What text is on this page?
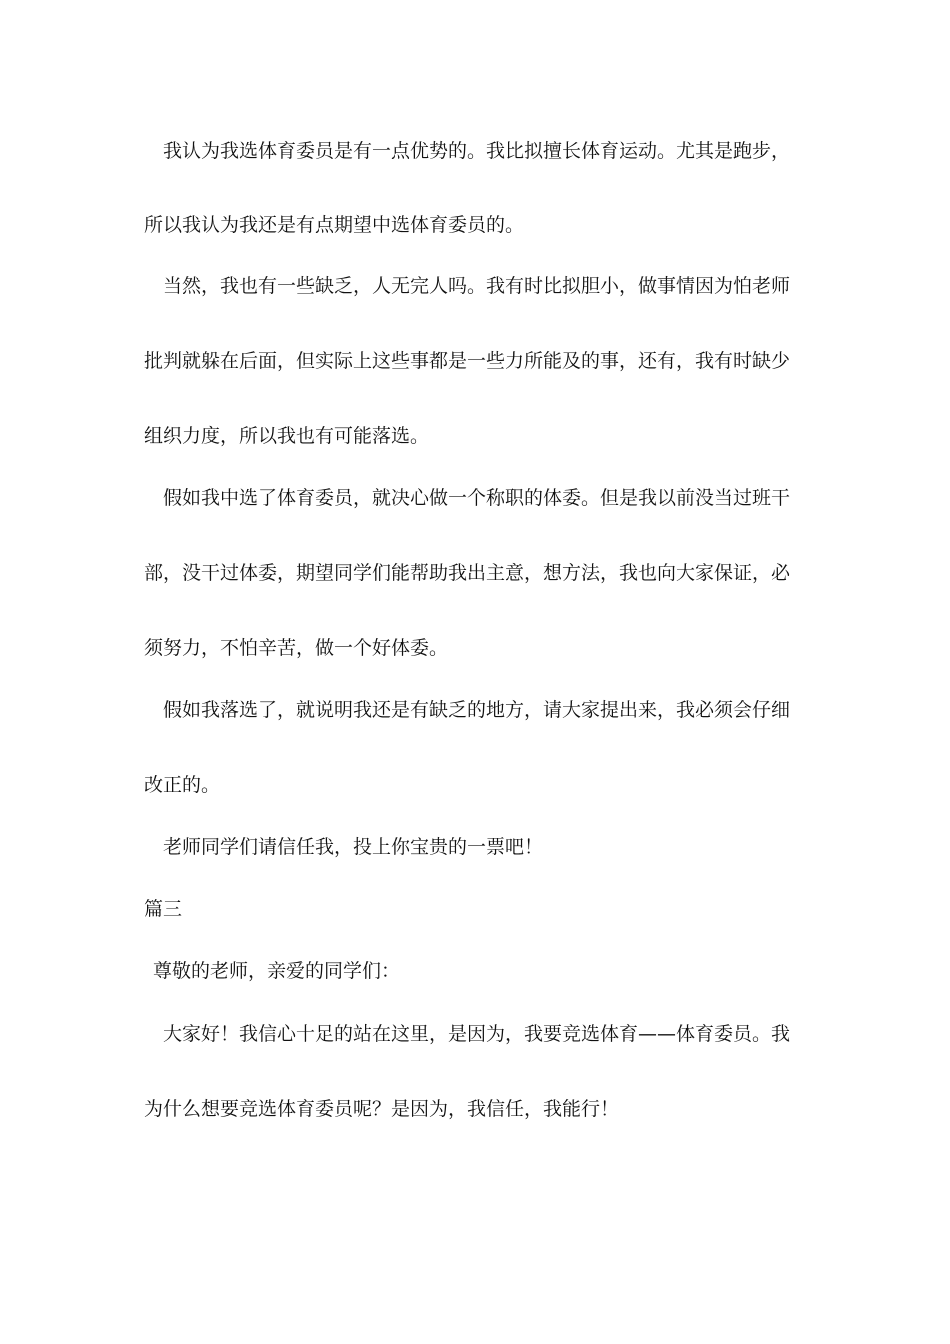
我认为我选体育委员是有一点优势的。我比拟擅长体育运动。尤其是跑步，
所以我认为我还是有点期望中选体育委员的。
当然，我也有一些缺乏，人无完人吗。我有时比拟胆小，做事情因为怕老师
批判就躲在后面，但实际上这些事都是一些力所能及的事，还有，我有时缺少
组织力度，所以我也有可能落选。
假如我中选了体育委员，就决心做一个称职的体委。但是我以前没当过班干
部，没干过体委，期望同学们能帮助我出主意，想方法，我也向大家保证，必
须努力，不怕辛苦，做一个好体委。
假如我落选了，就说明我还是有缺乏的地方，请大家提出来，我必须会仔细
改正的。
老师同学们请信任我，投上你宝贵的一票吧！
篇三
尊敬的老师，亲爱的同学们：
大家好！我信心十足的站在这里，是因为，我要竞选体育——体育委员。我
为什么想要竞选体育委员呢？是因为，我信任，我能行！
